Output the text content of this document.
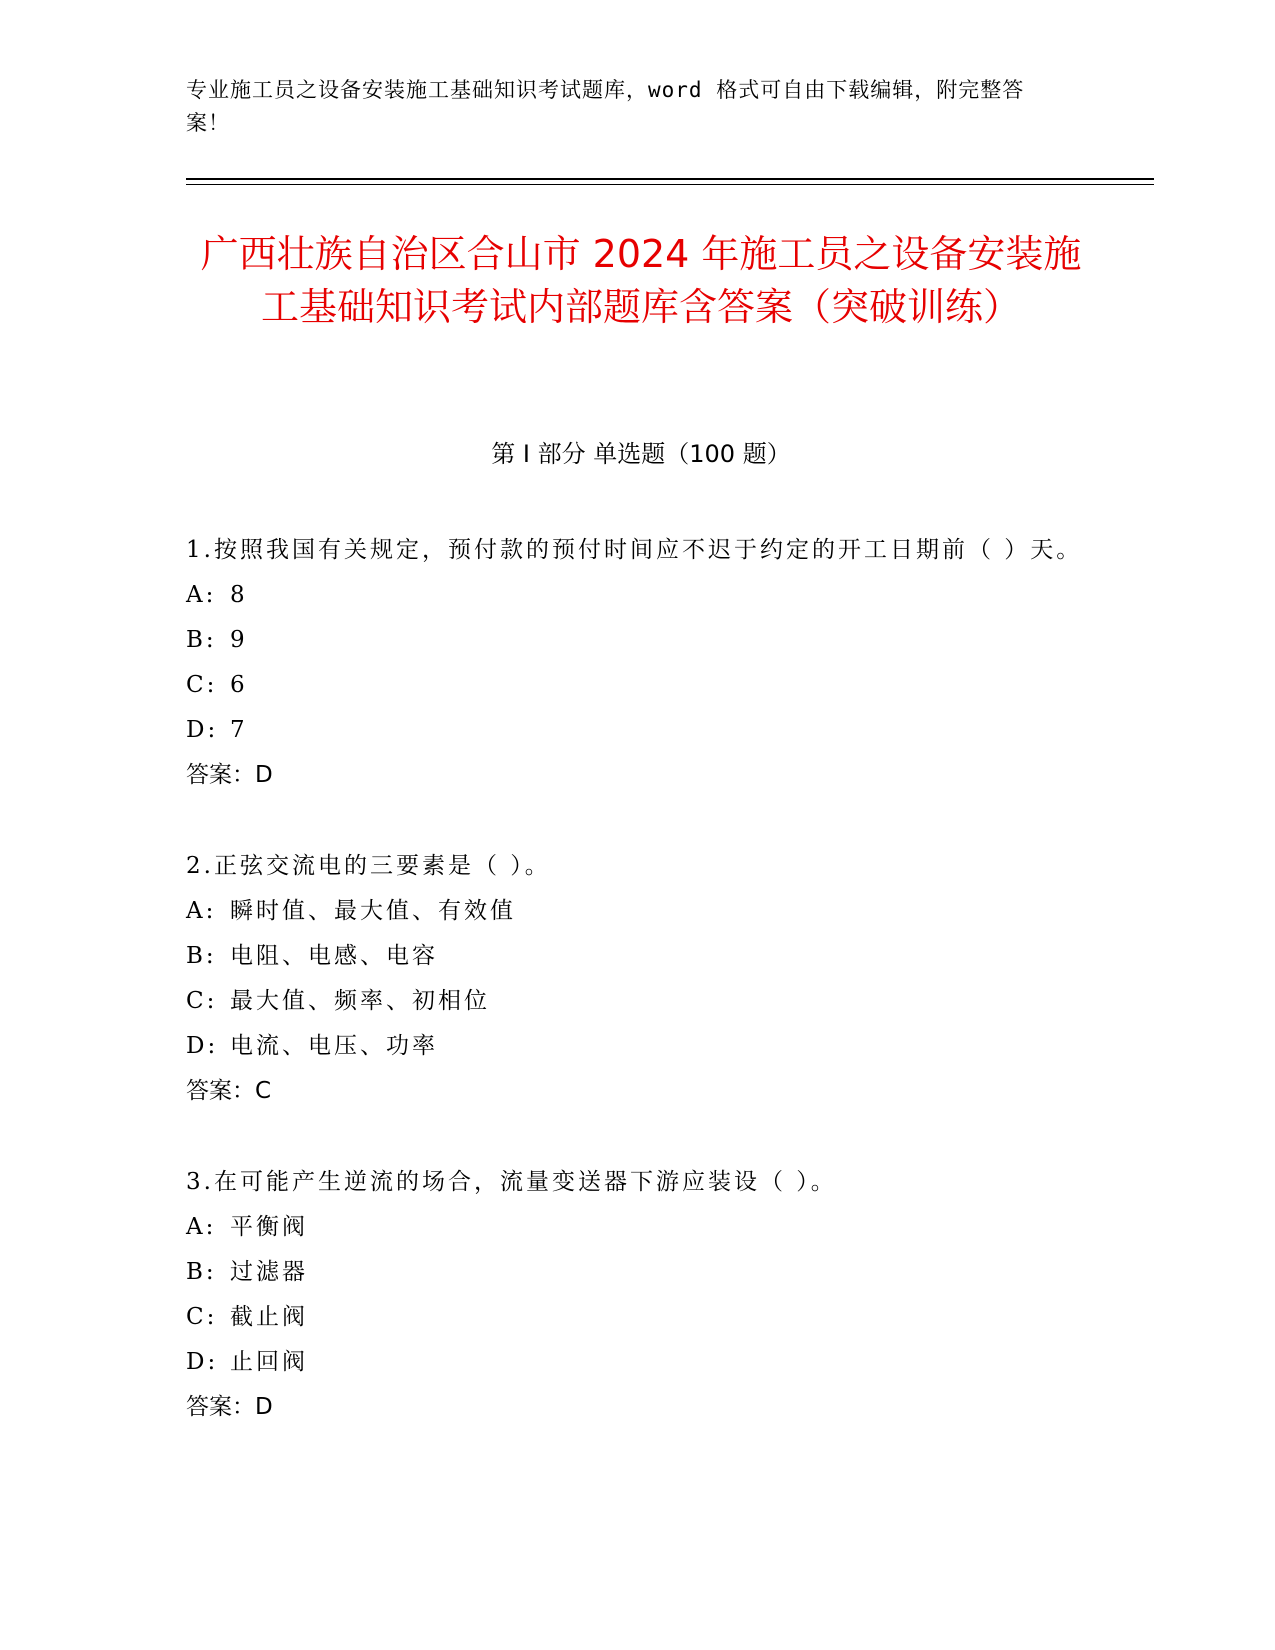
专业施工员之设备安装施工基础知识考试题库，word 格式可自由下载编辑，附完整答案！
广西壮族自治区合山市 2024 年施工员之设备安装施工基础知识考试内部题库含答案（突破训练）
第 I 部分 单选题（100 题）

1.按照我国有关规定，预付款的预付时间应不迟于约定的开工日期前（ ）天。

A: 8

B: 9

C: 6

D: 7

答案：D

2.正弦交流电的三要素是（ ）。

A: 瞬时值、最大值、有效值

B: 电阻、电感、电容

C: 最大值、频率、初相位

D: 电流、电压、功率

答案：C

3.在可能产生逆流的场合，流量变送器下游应装设（ ）。

A: 平衡阀

B: 过滤器

C: 截止阀

D: 止回阀

答案：D
